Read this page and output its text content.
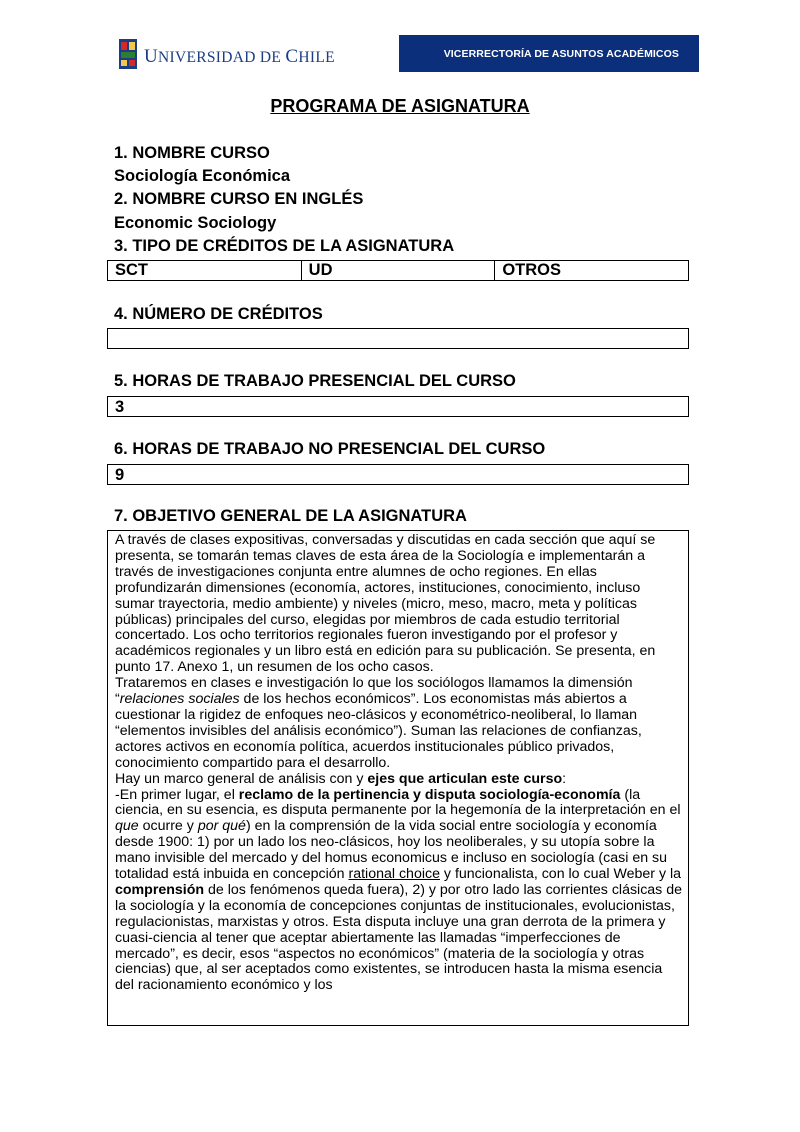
UNIVERSIDAD DE CHILE	VICERRECTORÍA DE ASUNTOS ACADÉMICOS
PROGRAMA DE ASIGNATURA
1. NOMBRE CURSO
Sociología Económica
2. NOMBRE CURSO EN INGLÉS
Economic Sociology
3. TIPO DE CRÉDITOS DE LA ASIGNATURA
SCT	UD	OTROS
4. NÚMERO DE CRÉDITOS
5. HORAS DE TRABAJO PRESENCIAL DEL CURSO
3
6. HORAS DE TRABAJO NO PRESENCIAL DEL CURSO
9
7. OBJETIVO GENERAL DE LA ASIGNATURA

A través de clases expositivas, conversadas y discutidas en cada sección que aquí se presenta, se tomarán temas claves de esta área de la Sociología e implementarán a través de investigaciones conjunta entre alumnes de ocho regiones. En ellas profundizarán dimensiones (economía, actores, instituciones, conocimiento, incluso sumar trayectoria, medio ambiente) y niveles (micro, meso, macro, meta y políticas públicas) principales del curso, elegidas por miembros de cada estudio territorial concertado. Los ocho territorios regionales fueron investigando por el profesor y académicos regionales y un libro está en edición para su publicación. Se presenta, en punto 17. Anexo 1, un resumen de los ocho casos.

Trataremos en clases e investigación lo que los sociólogos llamamos la dimensión “relaciones sociales de los hechos económicos”. Los economistas más abiertos a cuestionar la rigidez de enfoques neo-clásicos y econométrico-neoliberal, lo llaman “elementos invisibles del análisis económico”). Suman las relaciones de confianzas, actores activos en economía política, acuerdos institucionales público privados, conocimiento compartido para el desarrollo.

Hay un marco general de análisis con y ejes que articulan este curso:

-En primer lugar, el reclamo de la pertinencia y disputa sociología-economía (la ciencia, en su esencia, es disputa permanente por la hegemonía de la interpretación en el que ocurre y por qué) en la comprensión de la vida social entre sociología y economía desde 1900: 1) por un lado los neo-clásicos, hoy los neoliberales, y su utopía sobre la mano invisible del mercado y del homus economicus e incluso en sociología (casi en su totalidad está inbuida en concepción rational choice y funcionalista, con lo cual Weber y la comprensión de los fenómenos queda fuera), 2) y por otro lado las corrientes clásicas de la sociología y la economía de concepciones conjuntas de institucionales, evolucionistas, regulacionistas, marxistas y otros. Esta disputa incluye una gran derrota de la primera y cuasi-ciencia al tener que aceptar abiertamente las llamadas “imperfecciones de mercado”, es decir, esos “aspectos no económicos” (materia de la sociología y otras ciencias) que, al ser aceptados como existentes, se introducen hasta la misma esencia del racionamiento económico y los
